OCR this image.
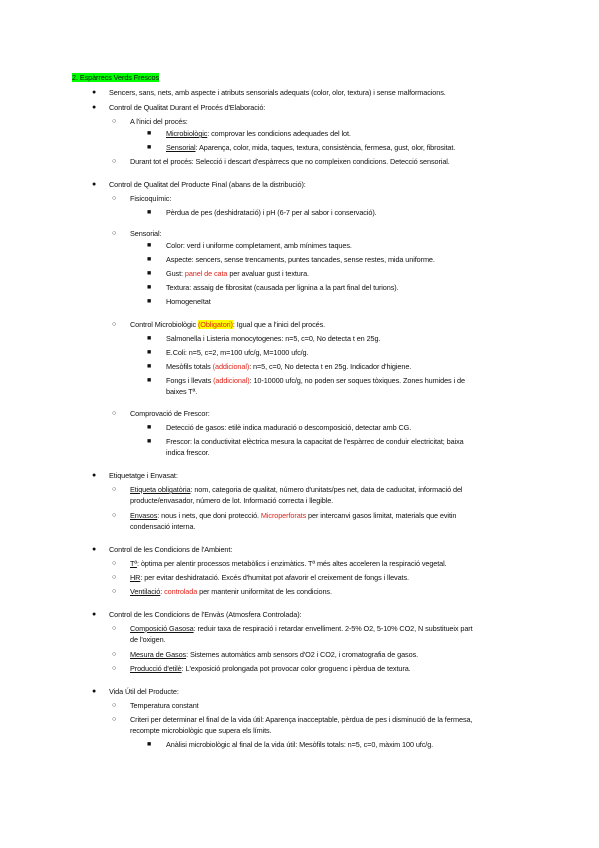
2. Espàrrecs Verds Frescos
● Sencers, sans, nets, amb aspecte i atributs sensorials adequats (color, olor, textura) i sense malformacions.
● Control de Qualitat Durant el Procés d'Elaboració:
○ A l'inici del procés:
■ Microbiològic: comprovar les condicions adequades del lot.
■ Sensorial: Aparença, color, mida, taques, textura, consistència, fermesa, gust, olor, fibrositat.
○ Durant tot el procés: Selecció i descart d'espàrrecs que no compleixen condicions. Detecció sensorial.
● Control de Qualitat del Producte Final (abans de la distribució):
○ Fisicoquímic:
■ Pèrdua de pes (deshidratació) i pH (6-7 per al sabor i conservació).
○ Sensorial:
■ Color: verd i uniforme completament, amb mínimes taques.
■ Aspecte: sencers, sense trencaments, puntes tancades, sense restes, mida uniforme.
■ Gust: panel de cata per avaluar gust i textura.
■ Textura: assaig de fibrositat (causada per lignina a la part final del turions).
■ Homogeneïtat
○ Control Microbiològic (Obligatori): Igual que a l'inici del procés.
■ Salmonella i Listeria monocytogenes: n=5, c=0, No detecta t en 25g.
■ E.Coli: n=5, c=2, m=100 ufc/g, M=1000 ufc/g.
■ Mesòfils totals (addicional): n=5, c=0, No detecta t en 25g. Indicador d'higiene.
■ Fongs i llevats (addicional): 10-10000 ufc/g, no poden ser soques tòxiques. Zones humides i de
baixes Tª.
○ Comprovació de Frescor:
■ Detecció de gasos: etilè indica maduració o descomposició, detectar amb CG.
■ Frescor: la conductivitat elèctrica mesura la capacitat de l'espàrrec de conduir electricitat; baixa
indica frescor.
● Etiquetatge i Envasat:
○ Etiqueta obligatòria: nom, categoria de qualitat, número d'unitats/pes net, data de caducitat, informació del
producte/envasador, número de lot. Informació correcta i llegible.
○ Envasos: nous i nets, que doni protecció. Microperforats per intercanvi gasos limitat, materials que evitin
condensació interna.
● Control de les Condicions de l'Ambient:
○ Tª: òptima per alentir processos metabòlics i enzimàtics. Tª més altes acceleren la respiració vegetal.
○ HR: per evitar deshidratació. Excés d'humitat pot afavorir el creixement de fongs i llevats.
○ Ventilació: controlada per mantenir uniformitat de les condicions.
● Control de les Condicions de l'Envàs (Atmosfera Controlada):
○ Composició Gasosa: reduir taxa de respiració i retardar envelliment. 2-5% O2, 5-10% CO2, N substitueix part
de l'oxigen.
○ Mesura de Gasos: Sistemes automàtics amb sensors d'O2 i CO2, i cromatografia de gasos.
○ Producció d'etilè: L'exposició prolongada pot provocar color groguenc i pèrdua de textura.
● Vida Útil del Producte:
○ Temperatura constant
○ Criteri per determinar el final de la vida útil: Aparença inacceptable, pèrdua de pes i disminució de la fermesa,
recompte microbiològic que supera els límits.
■ Anàlisi microbiològic al final de la vida útil: Mesòfils totals: n=5, c=0, màxim 100 ufc/g.
